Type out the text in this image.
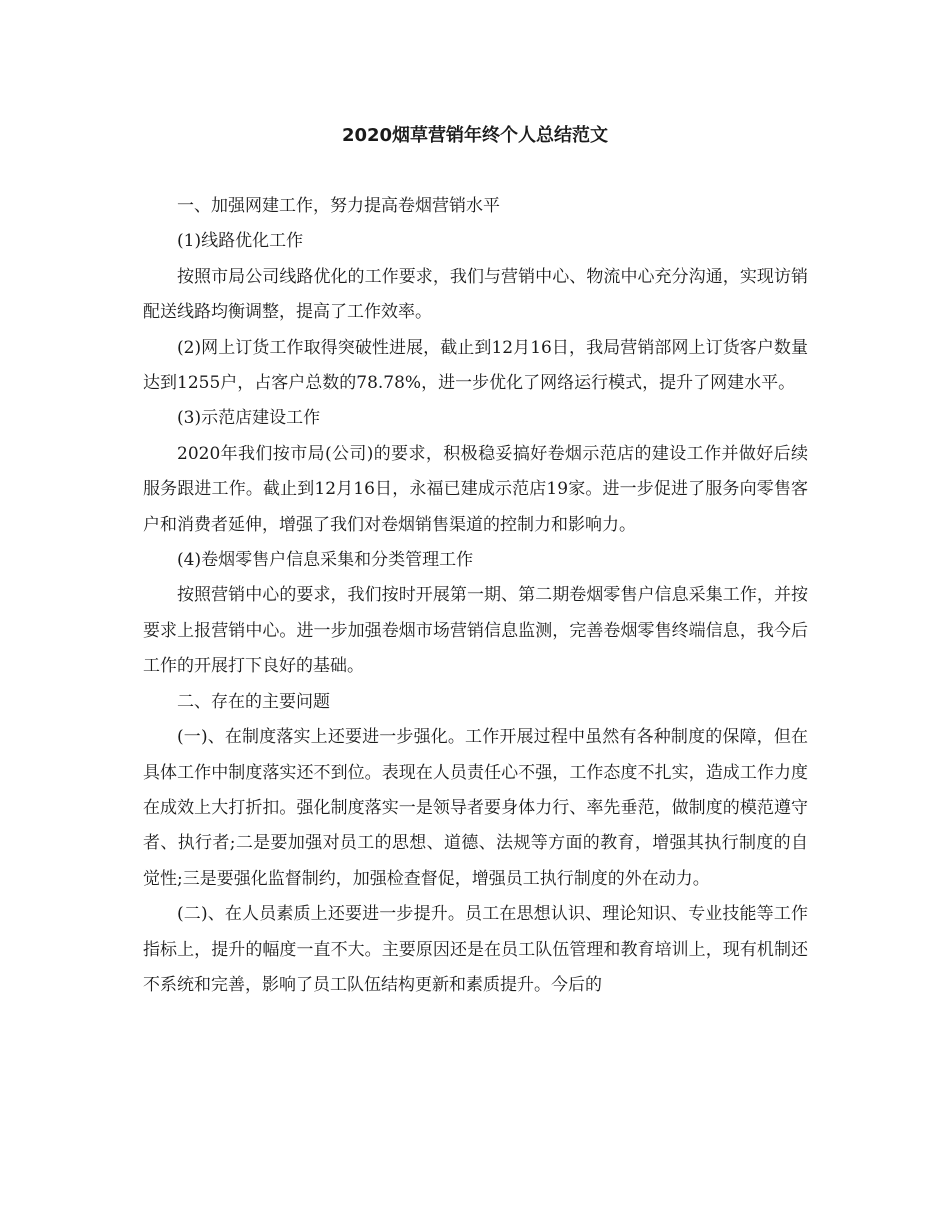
2020烟草营销年终个人总结范文

一、加强网建工作，努力提高卷烟营销水平

(1)线路优化工作

按照市局公司线路优化的工作要求，我们与营销中心、物流中心充分沟通，实现访销配送线路均衡调整，提高了工作效率。

(2)网上订货工作取得突破性进展，截止到12月16日，我局营销部网上订货客户数量达到1255户，占客户总数的78.78%，进一步优化了网络运行模式，提升了网建水平。

(3)示范店建设工作

2020年我们按市局(公司)的要求，积极稳妥搞好卷烟示范店的建设工作并做好后续服务跟进工作。截止到12月16日，永福已建成示范店19家。进一步促进了服务向零售客户和消费者延伸，增强了我们对卷烟销售渠道的控制力和影响力。

(4)卷烟零售户信息采集和分类管理工作

按照营销中心的要求，我们按时开展第一期、第二期卷烟零售户信息采集工作，并按要求上报营销中心。进一步加强卷烟市场营销信息监测，完善卷烟零售终端信息，我今后工作的开展打下良好的基础。

二、存在的主要问题

(一)、在制度落实上还要进一步强化。工作开展过程中虽然有各种制度的保障，但在具体工作中制度落实还不到位。表现在人员责任心不强，工作态度不扎实，造成工作力度在成效上大打折扣。强化制度落实一是领导者要身体力行、率先垂范，做制度的模范遵守者、执行者;二是要加强对员工的思想、道德、法规等方面的教育，增强其执行制度的自觉性;三是要强化监督制约，加强检查督促，增强员工执行制度的外在动力。

(二)、在人员素质上还要进一步提升。员工在思想认识、理论知识、专业技能等工作指标上，提升的幅度一直不大。主要原因还是在员工队伍管理和教育培训上，现有机制还不系统和完善，影响了员工队伍结构更新和素质提升。今后的
